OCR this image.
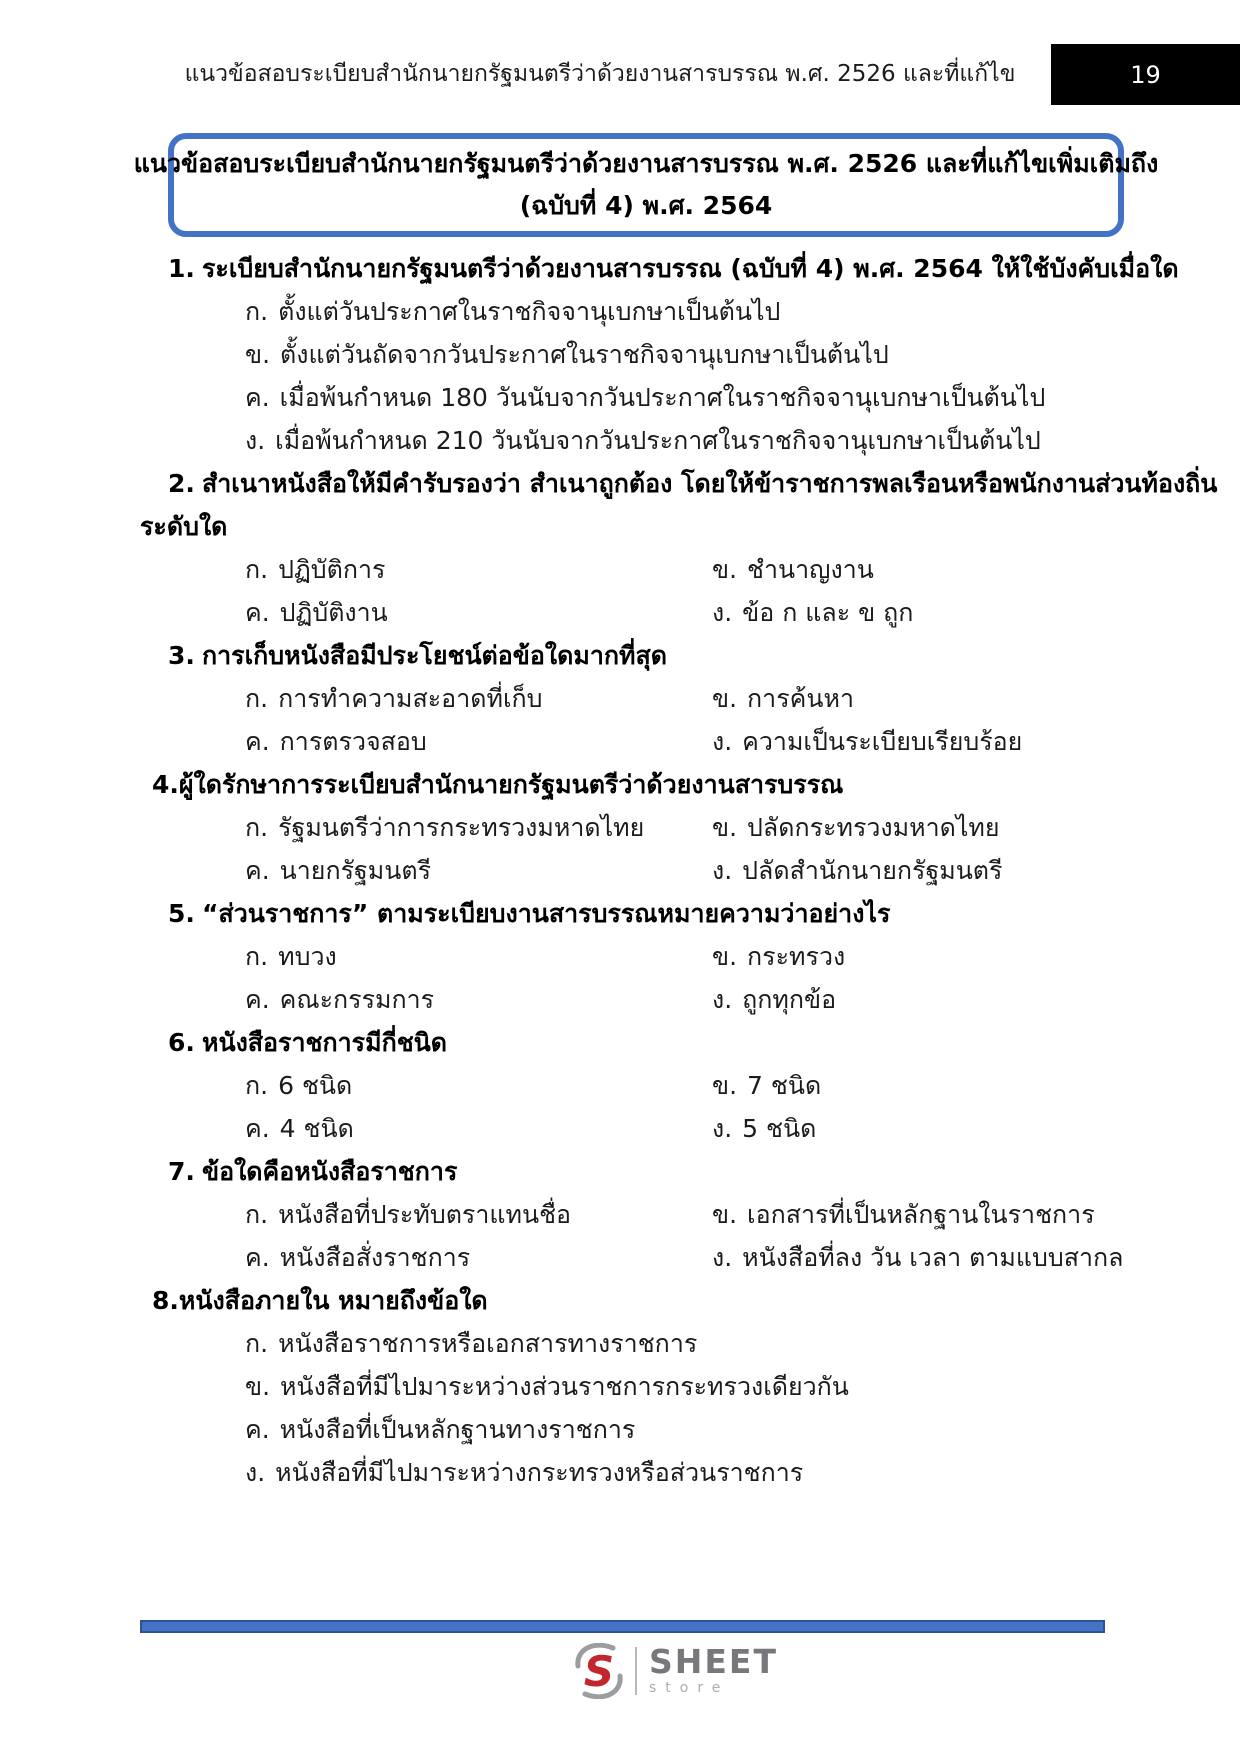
แนวข้อสอบระเบียบสำนักนายกรัฐมนตรีว่าด้วยงานสารบรรณ พ.ศ. 2526 และที่แก้ไข	19
แนวข้อสอบระเบียบสำนักนายกรัฐมนตรีว่าด้วยงานสารบรรณ พ.ศ. 2526 และที่แก้ไขเพิ่มเติมถึง
(ฉบับที่ 4) พ.ศ. 2564
1. ระเบียบสำนักนายกรัฐมนตรีว่าด้วยงานสารบรรณ (ฉบับที่ 4) พ.ศ. 2564 ให้ใช้บังคับเมื่อใด
ก. ตั้งแต่วันประกาศในราชกิจจานุเบกษาเป็นต้นไป
ข. ตั้งแต่วันถัดจากวันประกาศในราชกิจจานุเบกษาเป็นต้นไป
ค. เมื่อพ้นกำหนด 180 วันนับจากวันประกาศในราชกิจจานุเบกษาเป็นต้นไป
ง. เมื่อพ้นกำหนด 210 วันนับจากวันประกาศในราชกิจจานุเบกษาเป็นต้นไป
2. สำเนาหนังสือให้มีคำรับรองว่า สำเนาถูกต้อง โดยให้ข้าราชการพลเรือนหรือพนักงานส่วนท้องถิ่น
ระดับใด
ก. ปฏิบัติการ	ข. ชำนาญงาน
ค. ปฏิบัติงาน	ง. ข้อ ก และ ข ถูก
3. การเก็บหนังสือมีประโยชน์ต่อข้อใดมากที่สุด
ก. การทำความสะอาดที่เก็บ	ข. การค้นหา
ค. การตรวจสอบ	ง. ความเป็นระเบียบเรียบร้อย
4.ผู้ใดรักษาการระเบียบสำนักนายกรัฐมนตรีว่าด้วยงานสารบรรณ
ก. รัฐมนตรีว่าการกระทรวงมหาดไทย	ข. ปลัดกระทรวงมหาดไทย
ค. นายกรัฐมนตรี	ง. ปลัดสำนักนายกรัฐมนตรี
5. “ส่วนราชการ” ตามระเบียบงานสารบรรณหมายความว่าอย่างไร
ก. ทบวง	ข. กระทรวง
ค. คณะกรรมการ	ง. ถูกทุกข้อ
6. หนังสือราชการมีกี่ชนิด
ก. 6 ชนิด	ข. 7 ชนิด
ค. 4 ชนิด	ง. 5 ชนิด
7. ข้อใดคือหนังสือราชการ
ก. หนังสือที่ประทับตราแทนชื่อ	ข. เอกสารที่เป็นหลักฐานในราชการ
ค. หนังสือสั่งราชการ	ง. หนังสือที่ลง วัน เวลา ตามแบบสากล
8.หนังสือภายใน หมายถึงข้อใด
ก. หนังสือราชการหรือเอกสารทางราชการ
ข. หนังสือที่มีไปมาระหว่างส่วนราชการกระทรวงเดียวกัน
ค. หนังสือที่เป็นหลักฐานทางราชการ
ง. หนังสือที่มีไปมาระหว่างกระทรวงหรือส่วนราชการ
S SHEET
store
